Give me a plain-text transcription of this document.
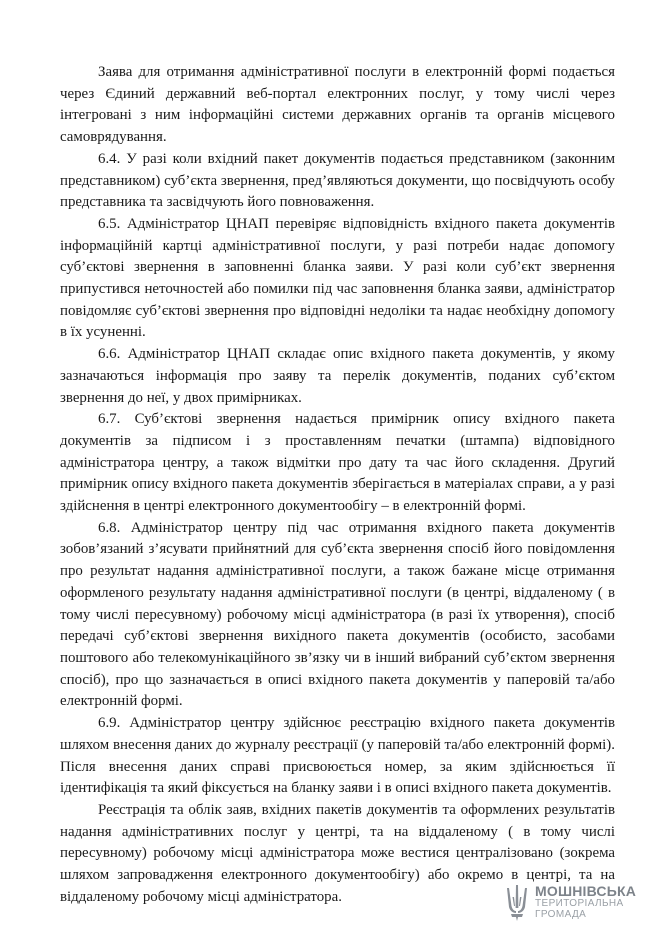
Заява для отримання адміністративної послуги в електронній формі подається через Єдиний державний веб-портал електронних послуг, у тому числі через інтегровані з ним інформаційні системи державних органів та органів місцевого самоврядування.

6.4. У разі коли вхідний пакет документів подається представником (законним представником) суб’єкта звернення, пред’являються документи, що посвідчують особу представника та засвідчують його повноваження.

6.5. Адміністратор ЦНАП перевіряє відповідність вхідного пакета документів інформаційній картці адміністративної послуги, у разі потреби надає допомогу суб’єктові звернення в заповненні бланка заяви. У разі коли суб’єкт звернення припустився неточностей або помилки під час заповнення бланка заяви, адміністратор повідомляє суб’єктові звернення про відповідні недоліки та надає необхідну допомогу в їх усуненні.

6.6. Адміністратор ЦНАП складає опис вхідного пакета документів, у якому зазначаються інформація про заяву та перелік документів, поданих суб’єктом звернення до неї, у двох примірниках.

6.7. Суб’єктові звернення надається примірник опису вхідного пакета документів за підписом і з проставленням печатки (штампа) відповідного адміністратора центру, а також відмітки про дату та час його складення. Другий примірник опису вхідного пакета документів зберігається в матеріалах справи, а у разі здійснення в центрі електронного документообігу – в електронній формі.

6.8. Адміністратор центру під час отримання вхідного пакета документів зобов’язаний з’ясувати прийнятний для суб’єкта звернення спосіб його повідомлення про результат надання адміністративної послуги, а також бажане місце отримання оформленого результату надання адміністративної послуги (в центрі, віддаленому ( в тому числі пересувному) робочому місці адміністратора (в разі їх утворення), спосіб передачі суб’єктові звернення вихідного пакета документів (особисто, засобами поштового або телекомунікаційного зв’язку чи в інший вибраний суб’єктом звернення спосіб), про що зазначається в описі вхідного пакета документів у паперовій та/або електронній формі.

6.9. Адміністратор центру здійснює реєстрацію вхідного пакета документів шляхом внесення даних до журналу реєстрації (у паперовій та/або електронній формі). Після внесення даних справі присвоюється номер, за яким здійснюється її ідентифікація та який фіксується на бланку заяви і в описі вхідного пакета документів.

Реєстрація та облік заяв, вхідних пакетів документів та оформлених результатів надання адміністративних послуг у центрі, та на віддаленому ( в тому числі пересувному) робочому місці адміністратора може вестися централізовано (зокрема шляхом запровадження електронного документообігу) або окремо в центрі, та на віддаленому робочому місці адміністратора.	МОШНІВСЬКА
ТЕРИТОРІАЛЬНА
ГРОМАДА
